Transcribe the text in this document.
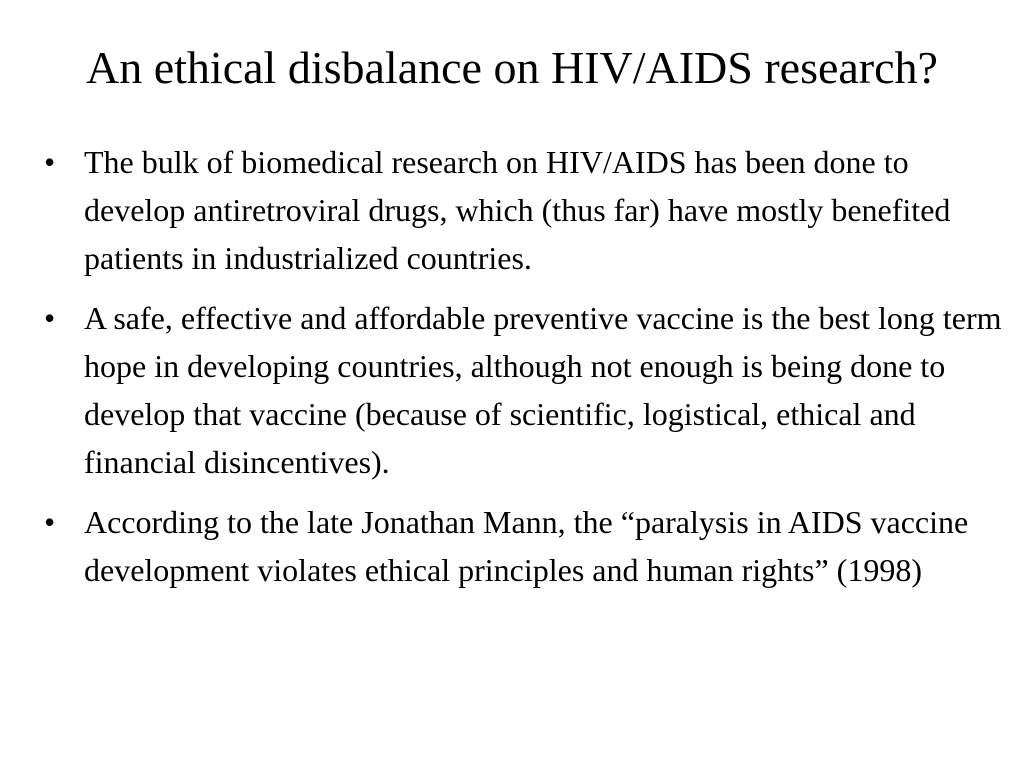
An ethical disbalance on HIV/AIDS research?
• The bulk of biomedical research on HIV/AIDS has been done to develop antiretroviral drugs, which (thus far) have mostly benefited patients in industrialized countries.
• A safe, effective and affordable preventive vaccine is the best long term hope in developing countries, although not enough is being done to develop that vaccine (because of scientific, logistical, ethical and financial disincentives).
• According to the late Jonathan Mann, the “paralysis in AIDS vaccine development violates ethical principles and human rights” (1998)
